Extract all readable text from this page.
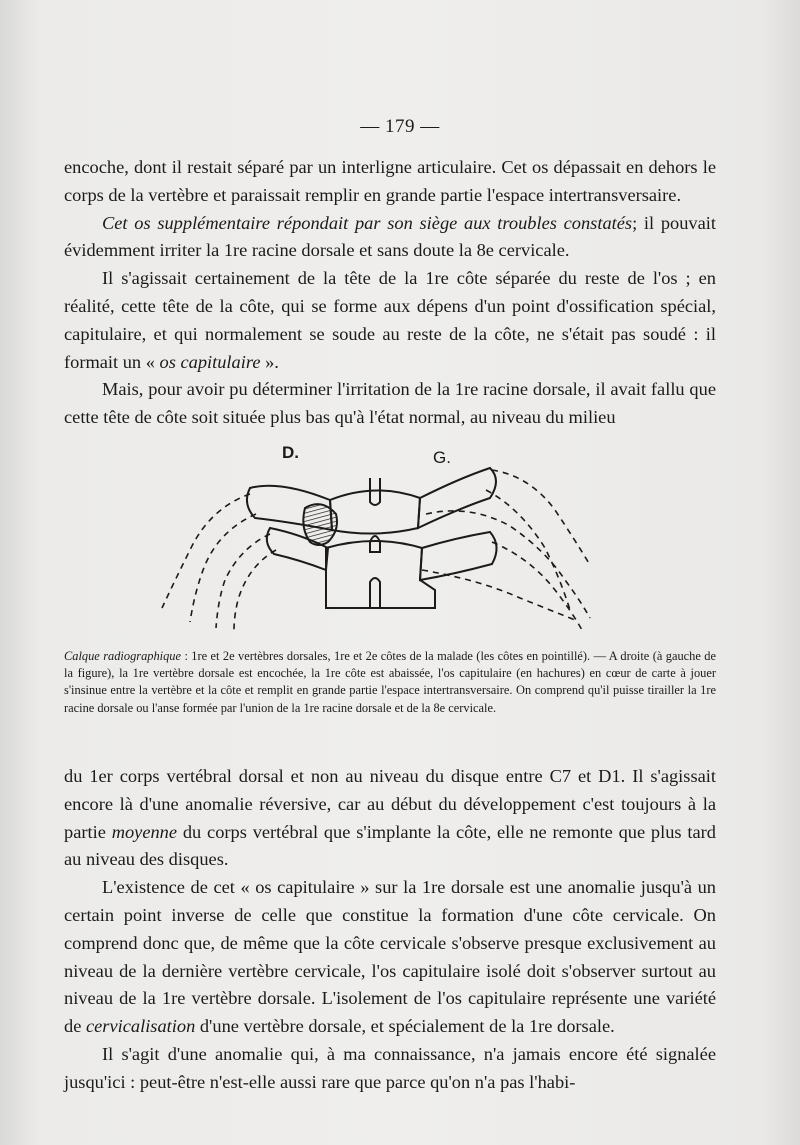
— 179 —

encoche, dont il restait séparé par un interligne articulaire. Cet os dépassait en dehors le corps de la vertèbre et paraissait remplir en grande partie l'espace intertransversaire.

Cet os supplémentaire répondait par son siège aux troubles constatés; il pouvait évidemment irriter la 1re racine dorsale et sans doute la 8e cervicale.

Il s'agissait certainement de la tête de la 1re côte séparée du reste de l'os ; en réalité, cette tête de la côte, qui se forme aux dépens d'un point d'ossification spécial, capitulaire, et qui normalement se soude au reste de la côte, ne s'était pas soudé : il formait un « os capitulaire ».

Mais, pour avoir pu déterminer l'irritation de la 1re racine dorsale, il avait fallu que cette tête de côte soit située plus bas qu'à l'état normal, au niveau du milieu

D.	G.

Calque radiographique : 1re et 2e vertèbres dorsales, 1re et 2e côtes de la malade (les côtes en pointillé). — A droite (à gauche de la figure), la 1re vertèbre dorsale est encochée, la 1re côte est abaissée, l'os capitulaire (en hachures) en cœur de carte à jouer s'insinue entre la vertèbre et la côte et remplit en grande partie l'espace intertransversaire. On comprend qu'il puisse tirailler la 1re racine dorsale ou l'anse formée par l'union de la 1re racine dorsale et de la 8e cervicale.

du 1er corps vertébral dorsal et non au niveau du disque entre C7 et D1. Il s'agissait encore là d'une anomalie réversive, car au début du développement c'est toujours à la partie moyenne du corps vertébral que s'implante la côte, elle ne remonte que plus tard au niveau des disques.

L'existence de cet « os capitulaire » sur la 1re dorsale est une anomalie jusqu'à un certain point inverse de celle que constitue la formation d'une côte cervicale. On comprend donc que, de même que la côte cervicale s'observe presque exclusivement au niveau de la dernière vertèbre cervicale, l'os capitulaire isolé doit s'observer surtout au niveau de la 1re vertèbre dorsale. L'isolement de l'os capitulaire représente une variété de cervicalisation d'une vertèbre dorsale, et spécialement de la 1re dorsale.

Il s'agit d'une anomalie qui, à ma connaissance, n'a jamais encore été signalée jusqu'ici : peut-être n'est-elle aussi rare que parce qu'on n'a pas l'habi-
